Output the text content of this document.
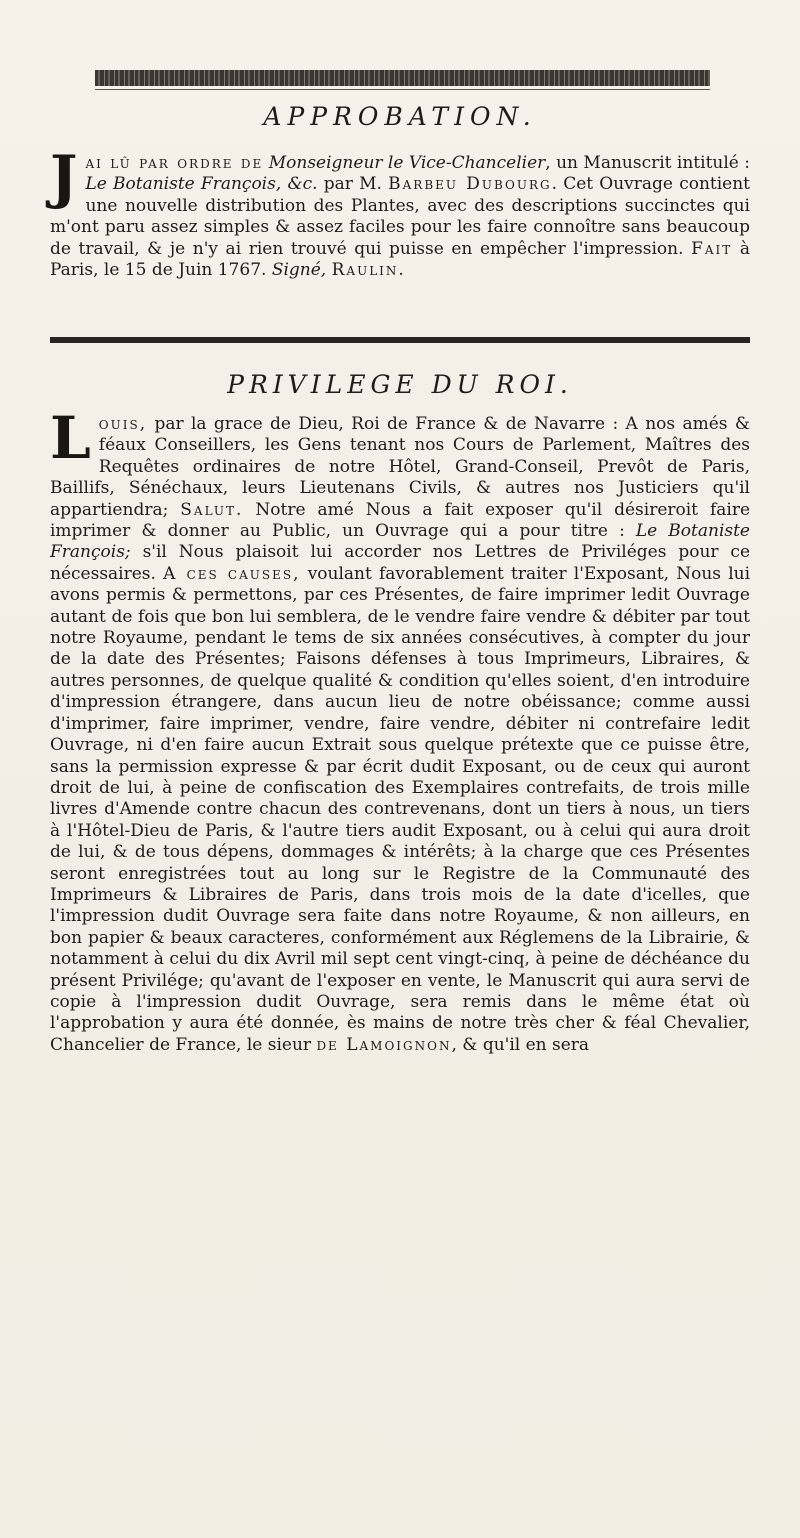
APPROBATION.
J ai lû par ordre de Monseigneur le Vice-Chancelier, un Manuscrit intitulé : Le Botaniste François, &c. par M. Barbeu Dubourg. Cet Ouvrage contient une nouvelle distribution des Plantes, avec des descriptions succinctes qui m'ont paru assez simples & assez faciles pour les faire connoître sans beaucoup de travail, & je n'y ai rien trouvé qui puisse en empêcher l'impression. Fait à Paris, le 15 de Juin 1767. Signé, Raulin.
PRIVILEGE DU ROI.
L ouis, par la grace de Dieu, Roi de France & de Navarre : A nos amés & féaux Conseillers, les Gens tenant nos Cours de Parlement, Maîtres des Requêtes ordinaires de notre Hôtel, Grand-Conseil, Prevôt de Paris, Baillifs, Sénéchaux, leurs Lieutenans Civils, & autres nos Justiciers qu'il appartiendra; Salut. Notre amé Nous a fait exposer qu'il désireroit faire imprimer & donner au Public, un Ouvrage qui a pour titre : Le Botaniste François; s'il Nous plaisoit lui accorder nos Lettres de Priviléges pour ce nécessaires. A ces causes, voulant favorablement traiter l'Exposant, Nous lui avons permis & permettons, par ces Présentes, de faire imprimer ledit Ouvrage autant de fois que bon lui semblera, de le vendre faire vendre & débiter par tout notre Royaume, pendant le tems de six années consécutives, à compter du jour de la date des Présentes; Faisons défenses à tous Imprimeurs, Libraires, & autres personnes, de quelque qualité & condition qu'elles soient, d'en introduire d'impression étrangere, dans aucun lieu de notre obéissance; comme aussi d'imprimer, faire imprimer, vendre, faire vendre, débiter ni contrefaire ledit Ouvrage, ni d'en faire aucun Extrait sous quelque prétexte que ce puisse être, sans la permission expresse & par écrit dudit Exposant, ou de ceux qui auront droit de lui, à peine de confiscation des Exemplaires contrefaits, de trois mille livres d'Amende contre chacun des contrevenans, dont un tiers à nous, un tiers à l'Hôtel-Dieu de Paris, & l'autre tiers audit Exposant, ou à celui qui aura droit de lui, & de tous dépens, dommages & intérêts; à la charge que ces Présentes seront enregistrées tout au long sur le Registre de la Communauté des Imprimeurs & Libraires de Paris, dans trois mois de la date d'icelles, que l'impression dudit Ouvrage sera faite dans notre Royaume, & non ailleurs, en bon papier & beaux caracteres, conformément aux Réglemens de la Librairie, & notamment à celui du dix Avril mil sept cent vingt-cinq, à peine de déchéance du présent Privilége; qu'avant de l'exposer en vente, le Manuscrit qui aura servi de copie à l'impression dudit Ouvrage, sera remis dans le même état où l'approbation y aura été donnée, ès mains de notre très cher & féal Chevalier, Chancelier de France, le sieur de Lamoignon, & qu'il en sera
